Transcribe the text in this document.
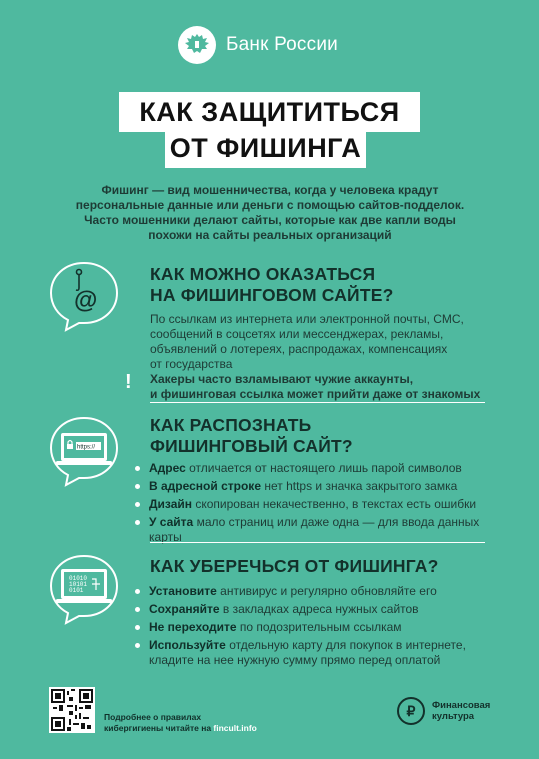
Банк России
КАК ЗАЩИТИТЬСЯ
ОТ ФИШИНГА
Фишинг — вид мошенничества, когда у человека крадут
персональные данные или деньги с помощью сайтов-подделок.
Часто мошенники делают сайты, которые как две капли воды
похожи на сайты реальных организаций
@
КАК МОЖНО ОКАЗАТЬСЯ
НА ФИШИНГОВОМ САЙТЕ?
По ссылкам из интернета или электронной почты, СМС,
сообщений в соцсетях или мессенджерах, рекламы,
объявлений о лотереях, распродажах, компенсациях
от государства
! Хакеры часто взламывают чужие аккаунты,
и фишинговая ссылка может прийти даже от знакомых
https://
КАК РАСПОЗНАТЬ
ФИШИНГОВЫЙ САЙТ?
Адрес отличается от настоящего лишь парой символов
В адресной строке нет https и значка закрытого замка
Дизайн скопирован некачественно, в текстах есть ошибки
У сайта мало страниц или даже одна — для ввода данных карты
01010 10101 0101
КАК УБЕРЕЧЬСЯ ОТ ФИШИНГА?
Установите антивирус и регулярно обновляйте его
Сохраняйте в закладках адреса нужных сайтов
Не переходите по подозрительным ссылкам
Используйте отдельную карту для покупок в интернете, кладите на нее нужную сумму прямо перед оплатой
Подробнее о правилах
кибергигиены читайте на fincult.info
₽	Финансовая
культура
